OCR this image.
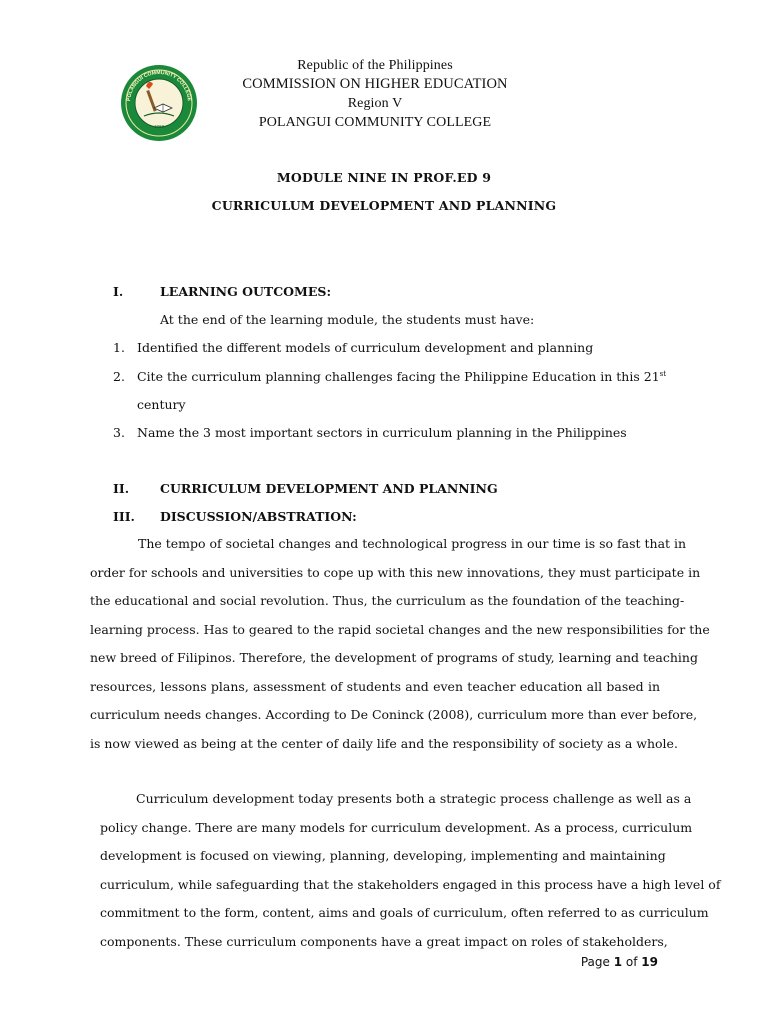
1968
POLANGUI COMMUNITY COLLEGE
Republic of the Philippines
COMMISSION ON HIGHER EDUCATION
Region V
POLANGUI COMMUNITY COLLEGE
MODULE NINE IN PROF.ED 9
CURRICULUM DEVELOPMENT AND PLANNING
I.	LEARNING OUTCOMES:
At the end of the learning module, the students must have:
1. Identified the different models of curriculum development and planning
2. Cite the curriculum planning challenges facing the Philippine Education in this 21st
century
3. Name the 3 most important sectors in curriculum planning in the Philippines
II.	CURRICULUM DEVELOPMENT AND PLANNING
III.	DISCUSSION/ABSTRATION:
The tempo of societal changes and technological progress in our time is so fast that in
order for schools and universities to cope up with this new innovations, they must participate in
the educational and social revolution. Thus, the curriculum as the foundation of the teaching-
learning process. Has to geared to the rapid societal changes and the new responsibilities for the
new breed of Filipinos. Therefore, the development of programs of study, learning and teaching
resources, lessons plans, assessment of students and even teacher education all based in
curriculum needs changes. According to De Coninck (2008), curriculum more than ever before,
is now viewed as being at the center of daily life and the responsibility of society as a whole.
Curriculum development today presents both a strategic process challenge as well as a
policy change. There are many models for curriculum development. As a process, curriculum
development is focused on viewing, planning, developing, implementing and maintaining
curriculum, while safeguarding that the stakeholders engaged in this process have a high level of
commitment to the form, content, aims and goals of curriculum, often referred to as curriculum
components. These curriculum components have a great impact on roles of stakeholders,
Page 1 of 19
